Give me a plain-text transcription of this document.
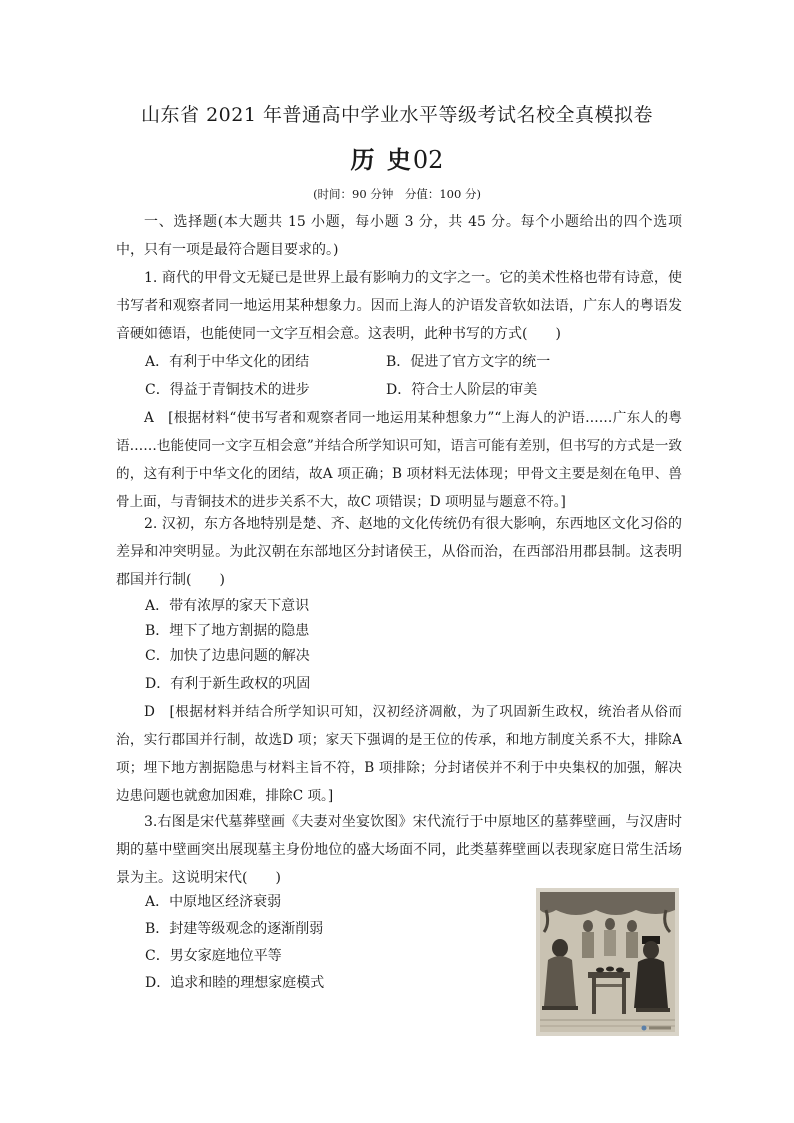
山东省 2021 年普通高中学业水平等级考试名校全真模拟卷
历 史02
(时间：90 分钟　分值：100 分)

一、选择题(本大题共 15 小题，每小题 3 分，共 45 分。每个小题给出的四个选项中，只有一项是最符合题目要求的。)

1. 商代的甲骨文无疑已是世界上最有影响力的文字之一。它的美术性格也带有诗意，使书写者和观察者同一地运用某种想象力。因而上海人的沪语发音软如法语，广东人的粤语发音硬如德语，也能使同一文字互相会意。这表明，此种书写的方式(　　)

A．有利于中华文化的团结	B．促进了官方文字的统一
C．得益于青铜技术的进步	D．符合士人阶层的审美

A　[根据材料“使书写者和观察者同一地运用某种想象力”“上海人的沪语……广东人的粤语……也能使同一文字互相会意”并结合所学知识可知，语言可能有差别，但书写的方式是一致的，这有利于中华文化的团结，故A 项正确；B 项材料无法体现；甲骨文主要是刻在龟甲、兽骨上面，与青铜技术的进步关系不大，故C 项错误；D 项明显与题意不符。]

2. 汉初，东方各地特别是楚、齐、赵地的文化传统仍有很大影响，东西地区文化习俗的差异和冲突明显。为此汉朝在东部地区分封诸侯王，从俗而治，在西部沿用郡县制。这表明郡国并行制(　　)

A．带有浓厚的家天下意识
B．埋下了地方割据的隐患
C．加快了边患问题的解决
D．有利于新生政权的巩固

D　[根据材料并结合所学知识可知，汉初经济凋敝，为了巩固新生政权，统治者从俗而治，实行郡国并行制，故选D 项；家天下强调的是王位的传承，和地方制度关系不大，排除A项；埋下地方割据隐患与材料主旨不符，B 项排除；分封诸侯并不利于中央集权的加强，解决边患问题也就愈加困难，排除C 项。]

3.右图是宋代墓葬壁画《夫妻对坐宴饮图》宋代流行于中原地区的墓葬壁画，与汉唐时期的墓中壁画突出展现墓主身份地位的盛大场面不同，此类墓葬壁画以表现家庭日常生活场景为主。这说明宋代(　　)

A．中原地区经济衰弱
B．封建等级观念的逐渐削弱
C．男女家庭地位平等
D．追求和睦的理想家庭模式
